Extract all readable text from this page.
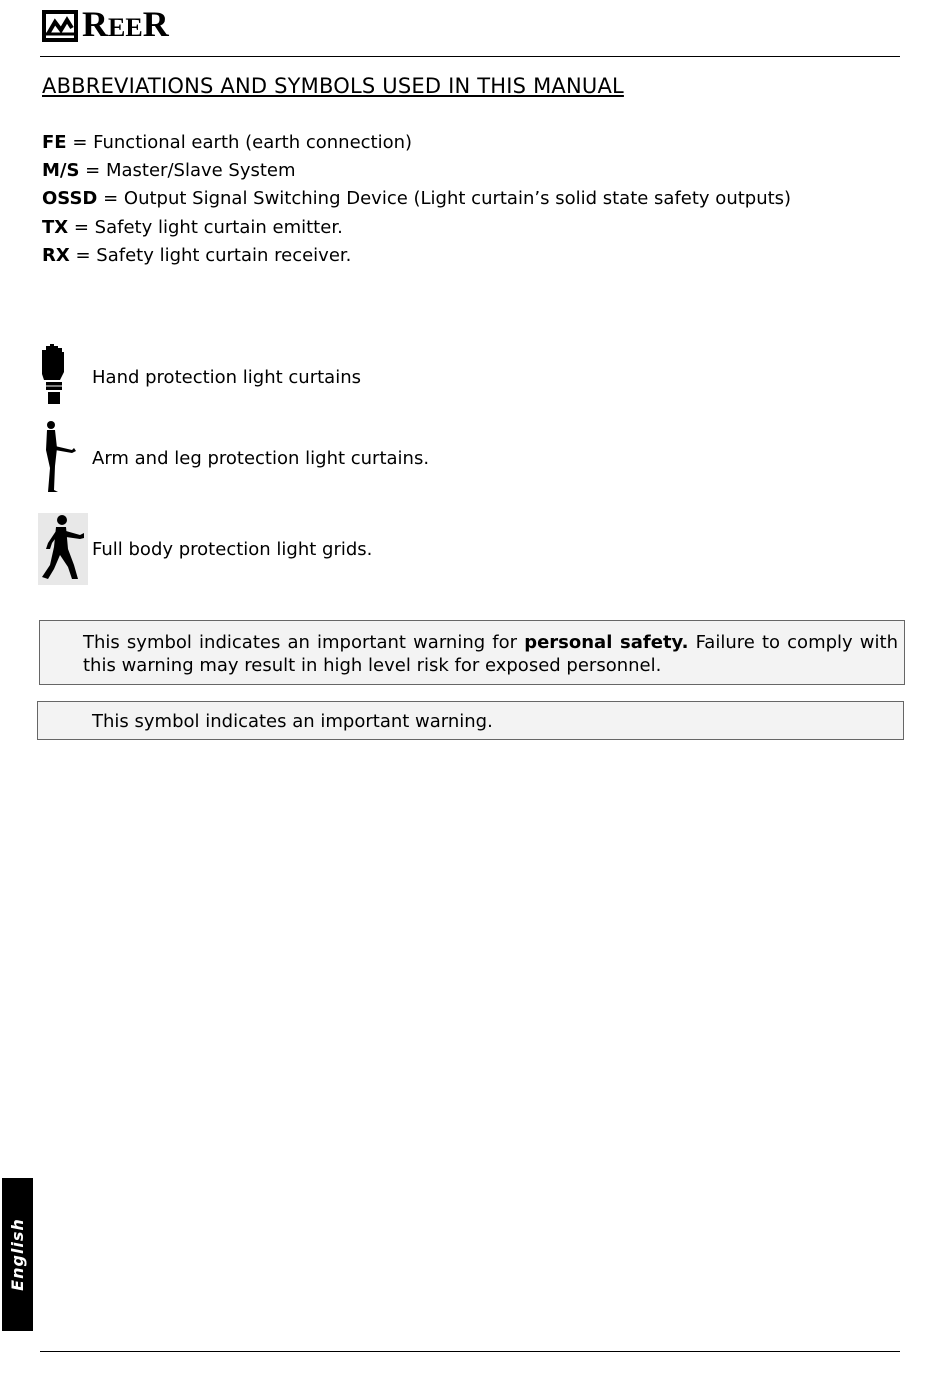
REER
ABBREVIATIONS AND SYMBOLS USED IN THIS MANUAL
FE = Functional earth (earth connection)
M/S = Master/Slave System
OSSD = Output Signal Switching Device (Light curtain’s solid state safety outputs)
TX = Safety light curtain emitter.
RX = Safety light curtain receiver.
Hand protection light curtains
Arm and leg protection light curtains.
Full body protection light grids.

This symbol indicates an important warning for personal safety. Failure to comply with this warning may result in high level risk for exposed personnel.

This symbol indicates an important warning.

English
